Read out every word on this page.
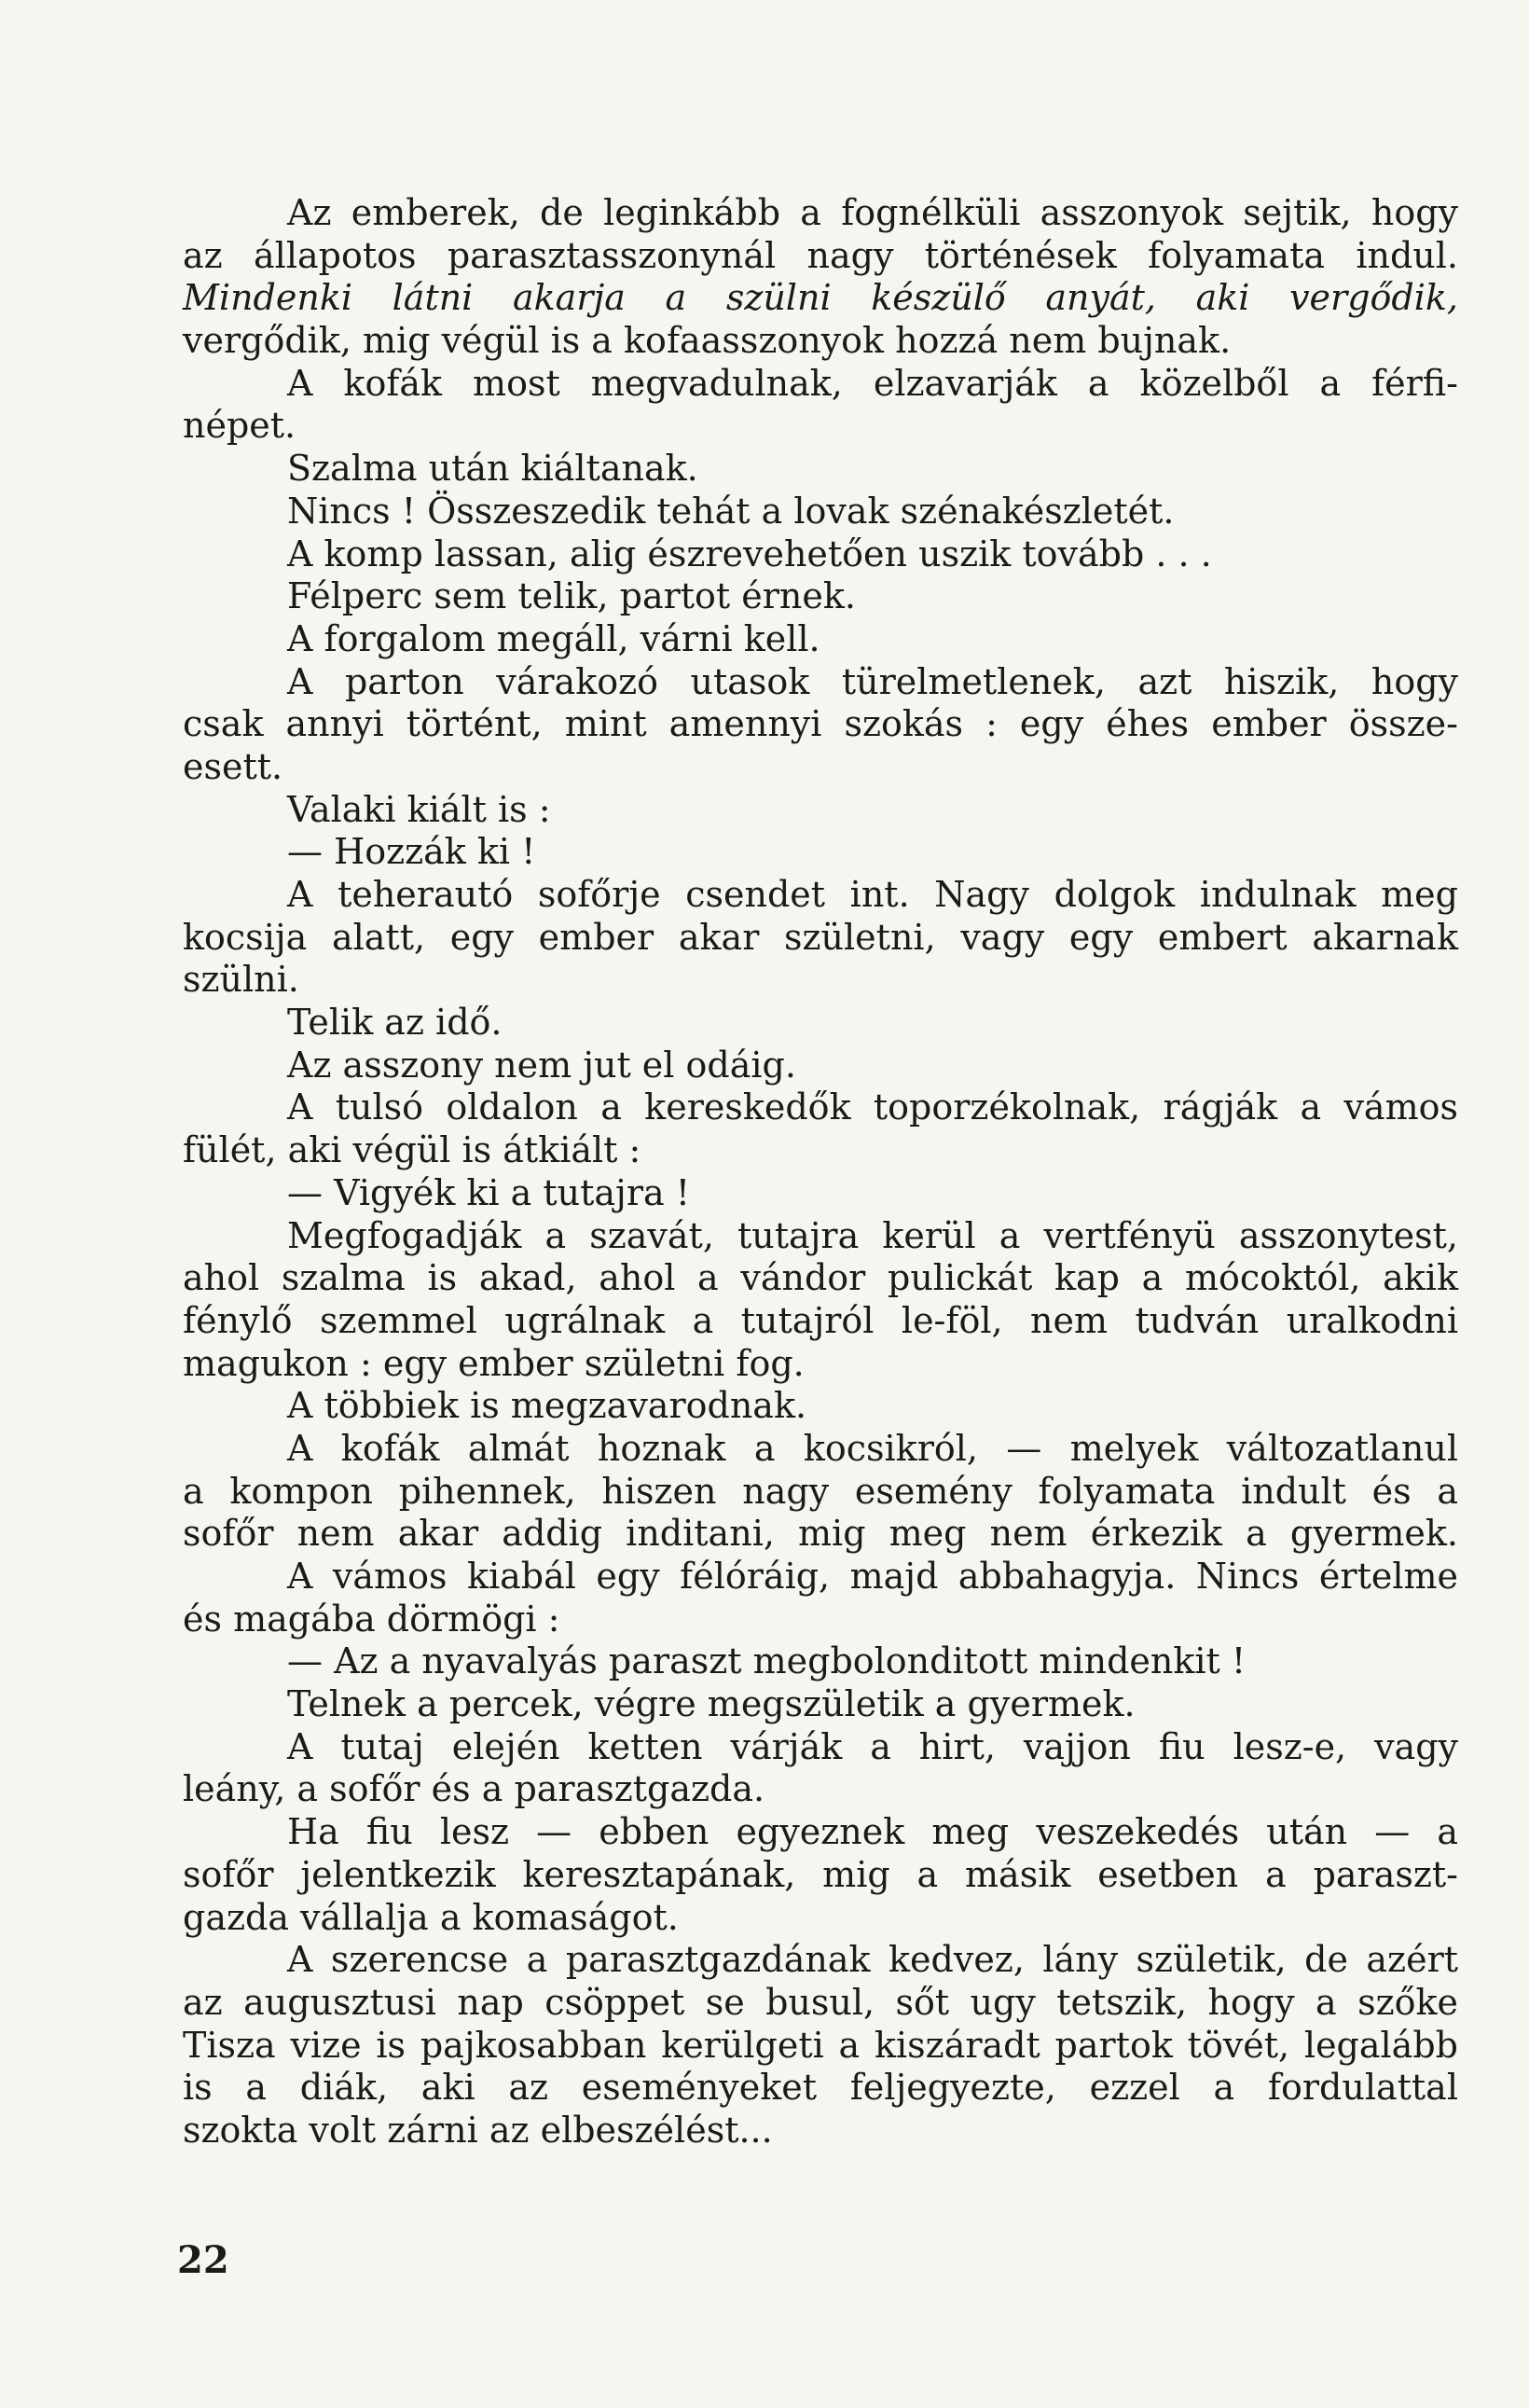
Az emberek, de leginkább a fognélküli asszonyok sejtik, hogy
az állapotos parasztasszonynál nagy történések folyamata indul.
Mindenki látni akarja a szülni készülő anyát, aki vergődik,
vergődik, mig végül is a kofaasszonyok hozzá nem bujnak.
A kofák most megvadulnak, elzavarják a közelből a férfi-
népet.
Szalma után kiáltanak.
Nincs ! Összeszedik tehát a lovak szénakészletét.
A komp lassan, alig észrevehetően uszik tovább . . .
Félperc sem telik, partot érnek.
A forgalom megáll, várni kell.
A parton várakozó utasok türelmetlenek, azt hiszik, hogy
csak annyi történt, mint amennyi szokás : egy éhes ember össze-
esett.
Valaki kiált is :
— Hozzák ki !
A teherautó sofőrje csendet int. Nagy dolgok indulnak meg
kocsija alatt, egy ember akar születni, vagy egy embert akarnak
szülni.
Telik az idő.
Az asszony nem jut el odáig.
A tulsó oldalon a kereskedők toporzékolnak, rágják a vámos
fülét, aki végül is átkiált :
— Vigyék ki a tutajra !
Megfogadják a szavát, tutajra kerül a vertfényü asszonytest,
ahol szalma is akad, ahol a vándor pulickát kap a mócoktól, akik
fénylő szemmel ugrálnak a tutajról le-föl, nem tudván uralkodni
magukon : egy ember születni fog.
A többiek is megzavarodnak.
A kofák almát hoznak a kocsikról, — melyek változatlanul
a kompon pihennek, hiszen nagy esemény folyamata indult és a
sofőr nem akar addig inditani, mig meg nem érkezik a gyermek.
A vámos kiabál egy félóráig, majd abbahagyja. Nincs értelme
és magába dörmögi :
— Az a nyavalyás paraszt megbolonditott mindenkit !
Telnek a percek, végre megszületik a gyermek.
A tutaj elején ketten várják a hirt, vajjon fiu lesz-e, vagy
leány, a sofőr és a parasztgazda.
Ha fiu lesz — ebben egyeznek meg veszekedés után — a
sofőr jelentkezik keresztapának, mig a másik esetben a paraszt-
gazda vállalja a komaságot.
A szerencse a parasztgazdának kedvez, lány születik, de azért
az augusztusi nap csöppet se busul, sőt ugy tetszik, hogy a szőke
Tisza vize is pajkosabban kerülgeti a kiszáradt partok tövét, legalább
is a diák, aki az eseményeket feljegyezte, ezzel a fordulattal
szokta volt zárni az elbeszélést...
22
